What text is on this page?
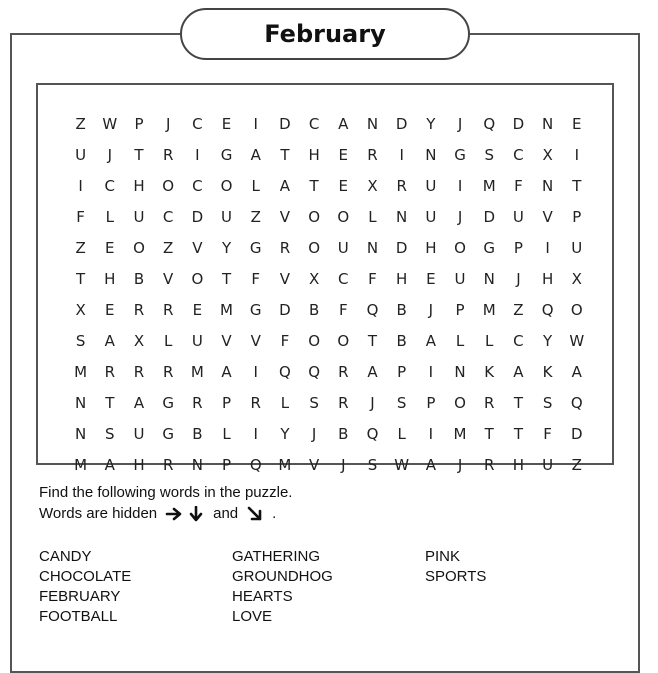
February
Z	W	P	J	C	E	I	D	C	A	N	D	Y	J	Q	D	N	E
U	J	T	R	I	G	A	T	H	E	R	I	N	G	S	C	X	I
I	C	H	O	C	O	L	A	T	E	X	R	U	I	M	F	N	T
F	L	U	C	D	U	Z	V	O	O	L	N	U	J	D	U	V	P
Z	E	O	Z	V	Y	G	R	O	U	N	D	H	O	G	P	I	U
T	H	B	V	O	T	F	V	X	C	F	H	E	U	N	J	H	X
X	E	R	R	E	M	G	D	B	F	Q	B	J	P	M	Z	Q	O
S	A	X	L	U	V	V	F	O	O	T	B	A	L	L	C	Y	W
M	R	R	R	M	A	I	Q	Q	R	A	P	I	N	K	A	K	A
N	T	A	G	R	P	R	L	S	R	J	S	P	O	R	T	S	Q
N	S	U	G	B	L	I	Y	J	B	Q	L	I	M	T	T	F	D
M	A	H	R	N	P	Q	M	V	J	S	W	A	J	R	H	U	Z
Find the following words in the puzzle.
Words are hidden	and .
CANDY
CHOCOLATE
FEBRUARY
FOOTBALL
GATHERING
GROUNDHOG
HEARTS
LOVE
PINK
SPORTS
